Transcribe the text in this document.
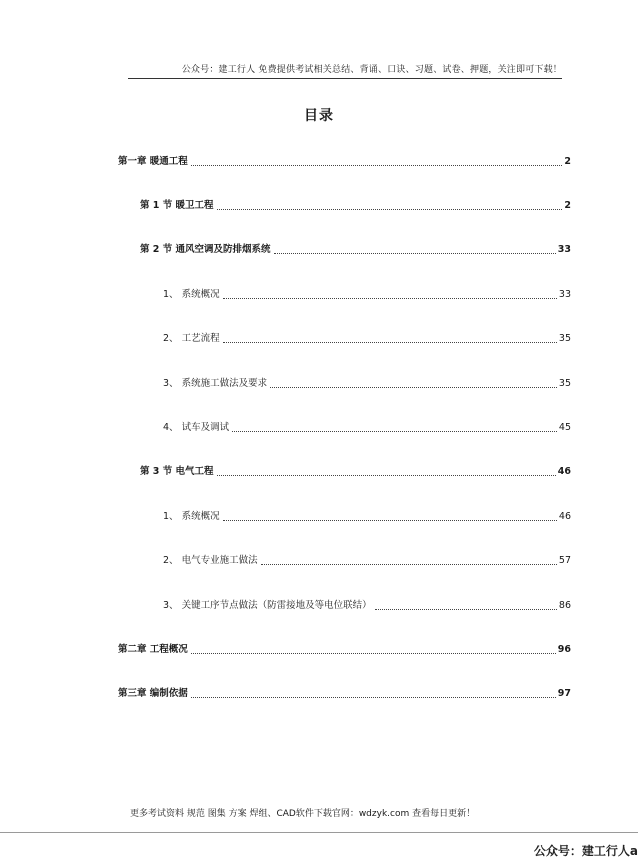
公众号：建工行人 免费提供考试相关总结、背诵、口诀、习题、试卷、押题，关注即可下载！
目录
第一章 暖通工程	2
第 1 节 暖卫工程	2
第 2 节 通风空调及防排烟系统	33
1、 系统概况	33
2、 工艺流程	35
3、 系统施工做法及要求	35
4、 试车及调试	45
第 3 节 电气工程	46
1、 系统概况	46
2、 电气专业施工做法	57
3、 关键工序节点做法（防雷接地及等电位联结）	86
第二章 工程概况	96
第三章 编制依据	97
更多考试资料 规范 图集 方案 焊组、CAD软件下载官网：wdzyk.com 查看每日更新！
公众号：建工行人a
